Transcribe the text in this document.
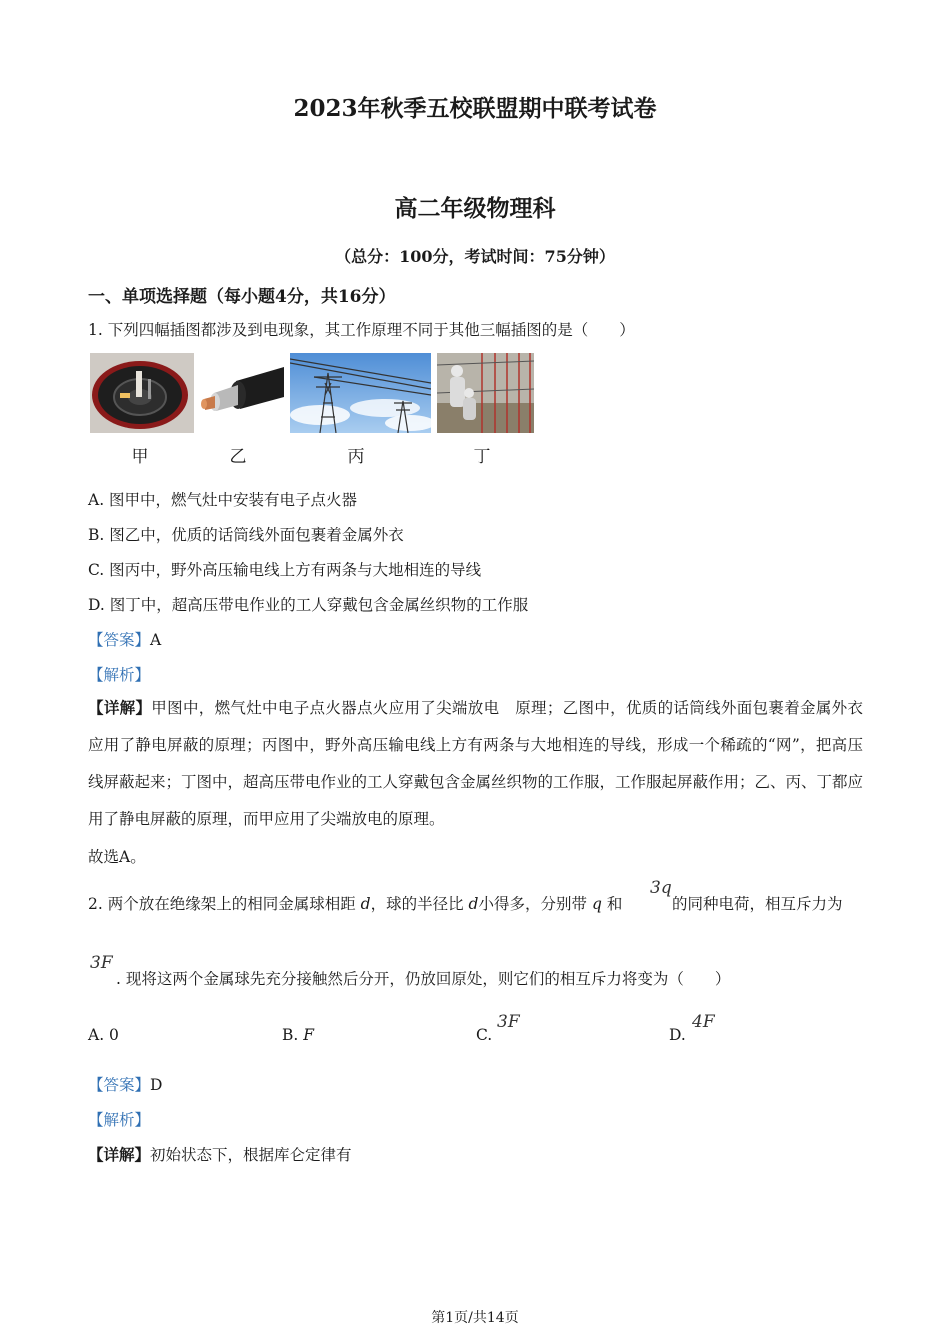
2023年秋季五校联盟期中联考试卷
高二年级物理科
（总分：100分，考试时间：75分钟）
一、单项选择题（每小题4分，共16分）
1. 下列四幅插图都涉及到电现象，其工作原理不同于其他三幅插图的是（　　）
甲	乙	丙	丁
A. 图甲中，燃气灶中安装有电子点火器
B. 图乙中，优质的话筒线外面包裹着金属外衣
C. 图丙中，野外高压输电线上方有两条与大地相连的导线
D. 图丁中，超高压带电作业的工人穿戴包含金属丝织物的工作服
【答案】A
【解析】
【详解】甲图中，燃气灶中电子点火器点火应用了尖端放电　原理；乙图中，优质的话筒线外面包裹着金属外衣应用了静电屏蔽的原理；丙图中，野外高压输电线上方有两条与大地相连的导线，形成一个稀疏的“网”，把高压线屏蔽起来；丁图中，超高压带电作业的工人穿戴包含金属丝织物的工作服，工作服起屏蔽作用；乙、丙、丁都应用了静电屏蔽的原理，而甲应用了尖端放电的原理。
故选A。
2. 两个放在绝缘架上的相同金属球相距 d，球的半径比 d小得多，分别带 q 和
3q
的同种电荷，相互斥力为
3F
. 现将这两个金属球先充分接触然后分开，仍放回原处，则它们的相互斥力将变为（　　）
A. 0	B. F	C.
3F
D.
4F
【答案】D
【解析】
【详解】初始状态下，根据库仑定律有
第1页/共14页
